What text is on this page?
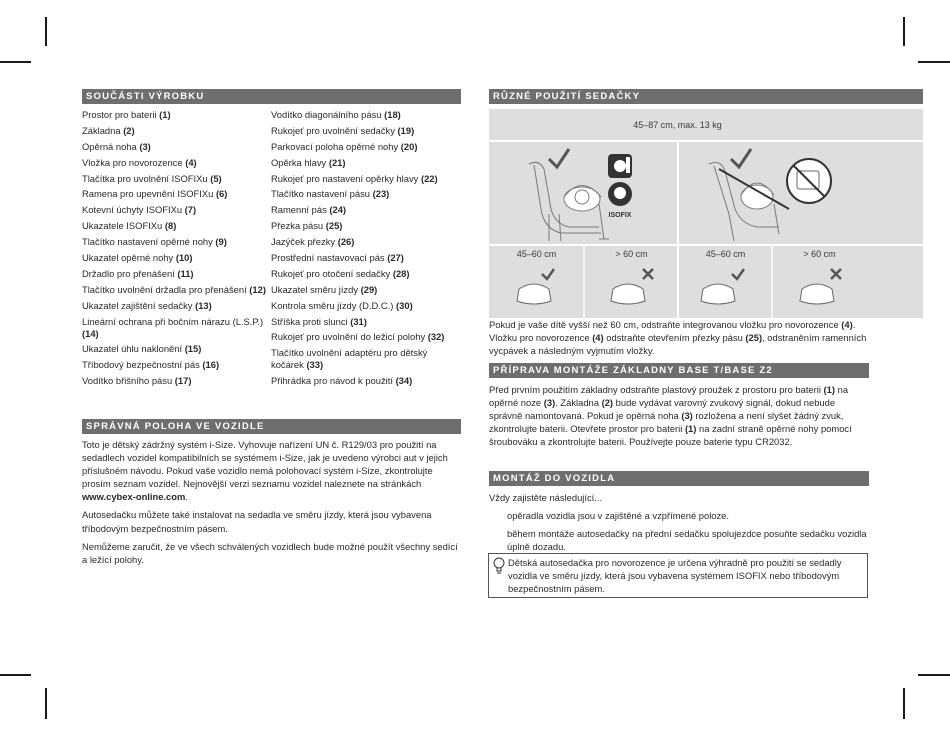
SOUČÁSTI VÝROBKU
Prostor pro baterii (1)
Základna (2)
Opěrná noha (3)
Vložka pro novorozence (4)
Tlačítka pro uvolnění ISOFIXu (5)
Ramena pro upevnění ISOFIXu (6)
Kotevní úchyty ISOFIXu (7)
Ukazatele ISOFIXu (8)
Tlačítko nastavení opěrné nohy (9)
Ukazatel opěrné nohy (10)
Držadlo pro přenášení (11)
Tlačítko uvolnění držadla pro přenášení (12)
Ukazatel zajištění sedačky (13)
Lineární ochrana při bočním nárazu (L.S.P.) (14)
Ukazatel úhlu naklonění (15)
Tříbodový bezpečnostní pás (16)
Vodítko břišního pásu (17)
Vodítko diagonálního pásu (18)
Rukojeť pro uvolnění sedačky (19)
Parkovací poloha opěrné nohy (20)
Opěrka hlavy (21)
Rukojeť pro nastavení opěrky hlavy (22)
Tlačítko nastavení pásu (23)
Ramenní pás (24)
Přezka pásu (25)
Jazýček přezky (26)
Prostřední nastavovací pás (27)
Rukojeť pro otočení sedačky (28)
Ukazatel směru jízdy (29)
Kontrola směru jízdy (D.D.C.) (30)
Stříška proti slunci (31)
Rukojeť pro uvolnění do ležicí polohy (32)
Tlačítko uvolnění adaptéru pro dětský kočárek (33)
Přihrádka pro návod k použití (34)
SPRÁVNÁ POLOHA VE VOZIDLE

Toto je dětský zádržný systém i-Size. Vyhovuje nařízení UN č. R129/03 pro použití na sedadlech vozidel kompatibilních se systémem i-Size, jak je uvedeno výrobci aut v jejich příslušném návodu. Pokud vaše vozidlo nemá polohovací systém i-Size, zkontrolujte prosím seznam vozidel. Nejnovější verzi seznamu vozidel naleznete na stránkách www.cybex-online.com.

Autosedačku můžete také instalovat na sedadla ve směru jízdy, která jsou vybavena tříbodovým bezpečnostním pásem.

Nemůžeme zaručit, že ve všech schválených vozidlech bude možné použít všechny sedící a ležící polohy.

RŮZNÉ POUŽITÍ SEDAČKY
45–87 cm, max. 13 kg
ISOFIX
45–60 cm	> 60 cm	45–60 cm	> 60 cm

Pokud je vaše dítě vyšší než 60 cm, odstraňte integrovanou vložku pro novorozence (4). Vložku pro novorozence (4) odstraňte otevřením přezky pásu (25), odstraněním ramenních vycpávek a následným vyjmutím vložky.

PŘÍPRAVA MONTÁŽE ZÁKLADNY BASE T/BASE Z2

Před prvním použitím základny odstraňte plastový proužek z prostoru pro baterii (1) na opěrné noze (3). Základna (2) bude vydávat varovný zvukový signál, dokud nebude správně namontovaná. Pokud je opěrná noha (3) rozložena a není slyšet žádný zvuk, zkontrolujte baterii. Otevřete prostor pro baterii (1) na zadní straně opěrné nohy pomocí šroubováku a zkontrolujte baterii. Používejte pouze baterie typu CR2032.

MONTÁŽ DO VOZIDLA

Vždy zajistěte následující...

opěradla vozidla jsou v zajištěné a vzpřímené poloze.

během montáže autosedačky na přední sedačku spolujezdce posuňte sedačku vozidla úplně dozadu.

Dětská autosedačka pro novorozence je určena výhradně pro použití se sedadly vozidla ve směru jízdy, která jsou vybavena systémem ISOFIX nebo tříbodovým bezpečnostním pásem.
